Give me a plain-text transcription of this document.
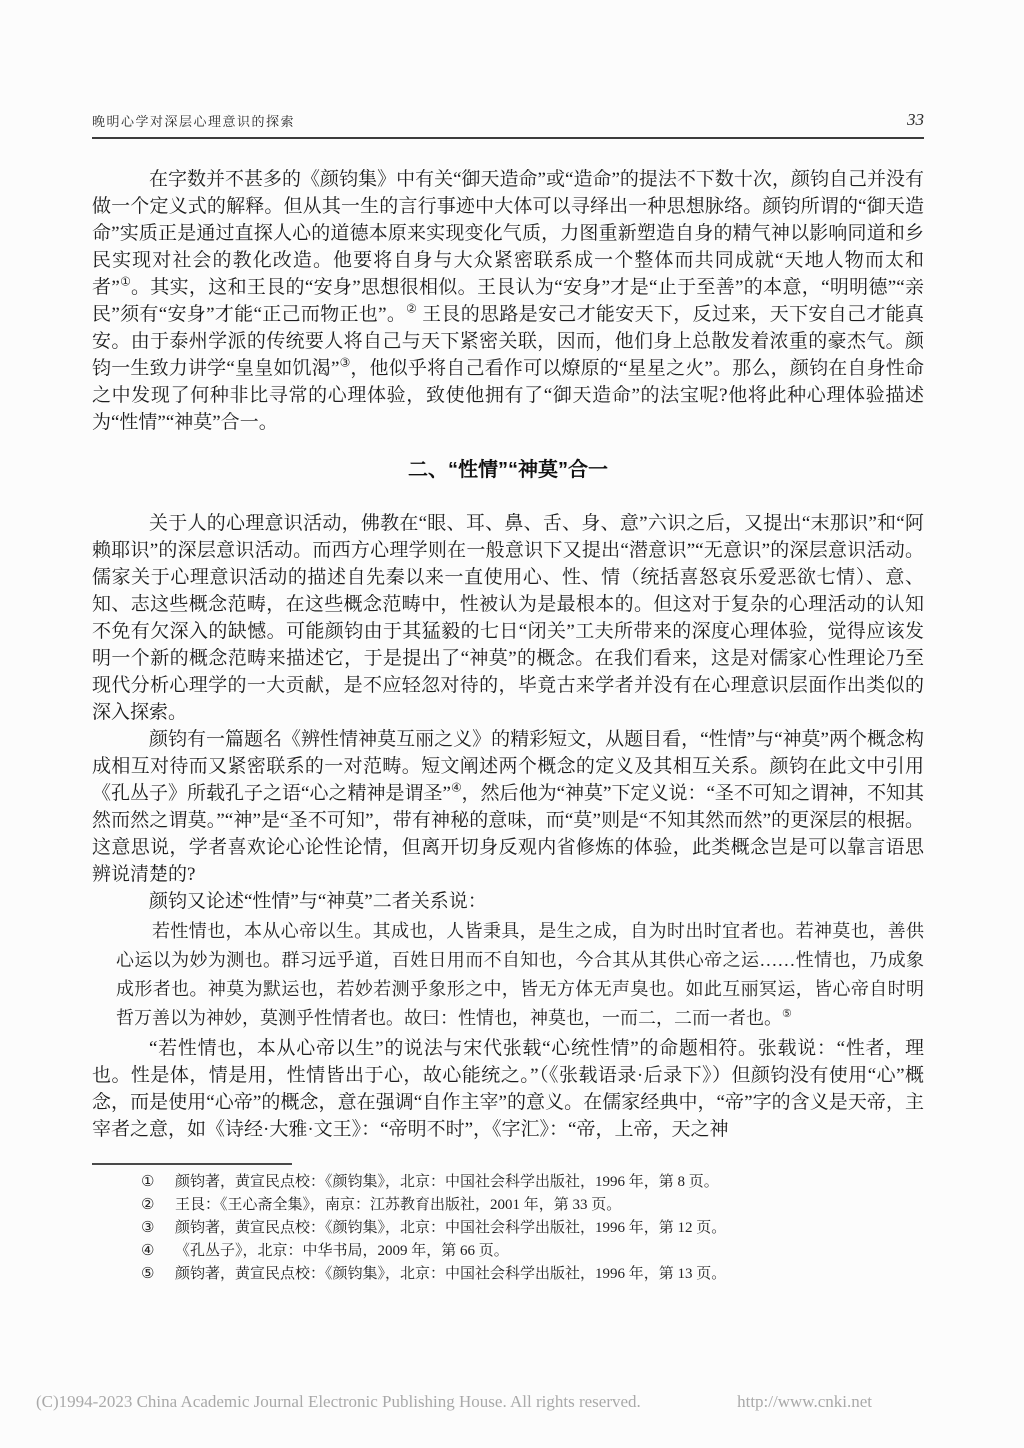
晚明心学对深层心理意识的探索	33

在字数并不甚多的《颜钧集》中有关“御天造命”或“造命”的提法不下数十次，颜钧自己并没有做一个定义式的解释。但从其一生的言行事迹中大体可以寻绎出一种思想脉络。颜钧所谓的“御天造命”实质正是通过直探人心的道德本原来实现变化气质，力图重新塑造自身的精气神以影响同道和乡民实现对社会的教化改造。他要将自身与大众紧密联系成一个整体而共同成就“天地人物而太和者”①。其实，这和王艮的“安身”思想很相似。王艮认为“安身”才是“止于至善”的本意，“明明德”“亲民”须有“安身”才能“正己而物正也”。② 王艮的思路是安己才能安天下，反过来，天下安自己才能真安。由于泰州学派的传统要人将自己与天下紧密关联，因而，他们身上总散发着浓重的豪杰气。颜钧一生致力讲学“皇皇如饥渴”③，他似乎将自己看作可以燎原的“星星之火”。那么，颜钧在自身性命之中发现了何种非比寻常的心理体验，致使他拥有了“御天造命”的法宝呢?他将此种心理体验描述为“性情”“神莫”合一。

二、“性情”“神莫”合一

关于人的心理意识活动，佛教在“眼、耳、鼻、舌、身、意”六识之后，又提出“末那识”和“阿赖耶识”的深层意识活动。而西方心理学则在一般意识下又提出“潜意识”“无意识”的深层意识活动。儒家关于心理意识活动的描述自先秦以来一直使用心、性、情（统括喜怒哀乐爱恶欲七情）、意、知、志这些概念范畴，在这些概念范畴中，性被认为是最根本的。但这对于复杂的心理活动的认知不免有欠深入的缺憾。可能颜钧由于其猛毅的七日“闭关”工夫所带来的深度心理体验，觉得应该发明一个新的概念范畴来描述它，于是提出了“神莫”的概念。在我们看来，这是对儒家心性理论乃至现代分析心理学的一大贡献，是不应轻忽对待的，毕竟古来学者并没有在心理意识层面作出类似的深入探索。

颜钧有一篇题名《辨性情神莫互丽之义》的精彩短文，从题目看，“性情”与“神莫”两个概念构成相互对待而又紧密联系的一对范畴。短文阐述两个概念的定义及其相互关系。颜钧在此文中引用《孔丛子》所载孔子之语“心之精神是谓圣”④，然后他为“神莫”下定义说：“圣不可知之谓神，不知其然而然之谓莫。”“神”是“圣不可知”，带有神秘的意味，而“莫”则是“不知其然而然”的更深层的根据。这意思说，学者喜欢论心论性论情，但离开切身反观内省修炼的体验，此类概念岂是可以靠言语思辨说清楚的?

颜钧又论述“性情”与“神莫”二者关系说：

若性情也，本从心帝以生。其成也，人皆秉具，是生之成，自为时出时宜者也。若神莫也，善供心运以为妙为测也。群习远乎道，百姓日用而不自知也，今合其从其供心帝之运……性情也，乃成象成形者也。神莫为默运也，若妙若测乎象形之中，皆无方体无声臭也。如此互丽冥运，皆心帝自时明哲万善以为神妙，莫测乎性情者也。故曰：性情也，神莫也，一而二，二而一者也。⑤

“若性情也，本从心帝以生”的说法与宋代张载“心统性情”的命题相符。张载说：“性者，理也。性是体，情是用，性情皆出于心，故心能统之。”（《张载语录·后录下》）但颜钧没有使用“心”概念，而是使用“心帝”的概念，意在强调“自作主宰”的意义。在儒家经典中，“帝”字的含义是天帝，主宰者之意，如《诗经·大雅·文王》：“帝明不时”，《字汇》：“帝，上帝，天之神

①	颜钧著，黄宣民点校：《颜钧集》，北京：中国社会科学出版社，1996 年，第 8 页。
②	王艮：《王心斋全集》，南京：江苏教育出版社，2001 年，第 33 页。
③	颜钧著，黄宣民点校：《颜钧集》，北京：中国社会科学出版社，1996 年，第 12 页。
④	《孔丛子》，北京：中华书局，2009 年，第 66 页。
⑤	颜钧著，黄宣民点校：《颜钧集》，北京：中国社会科学出版社，1996 年，第 13 页。
(C)1994-2023 China Academic Journal Electronic Publishing House. All rights reserved.	http://www.cnki.net
